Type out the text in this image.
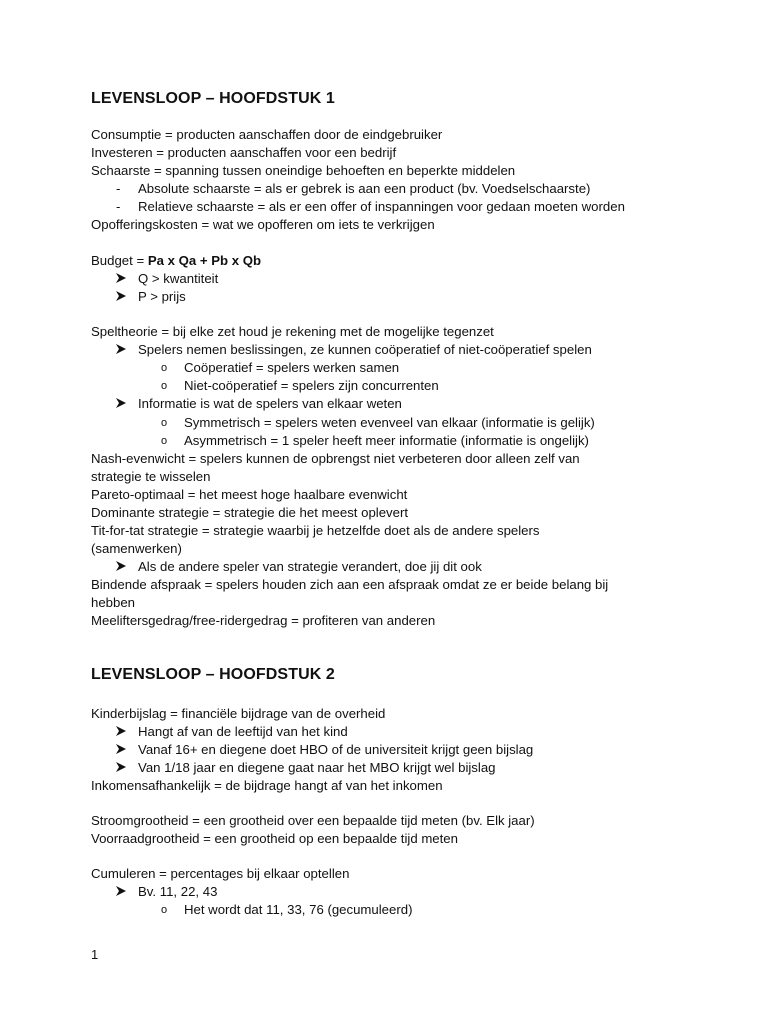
LEVENSLOOP – HOOFDSTUK 1
Consumptie = producten aanschaffen door de eindgebruiker
Investeren = producten aanschaffen voor een bedrijf
Schaarste = spanning tussen oneindige behoeften en beperkte middelen
- Absolute schaarste = als er gebrek is aan een product (bv. Voedselschaarste)
- Relatieve schaarste = als er een offer of inspanningen voor gedaan moeten worden
Opofferingskosten = wat we opofferen om iets te verkrijgen
Budget = Pa x Qa + Pb x Qb
Q > kwantiteit
P > prijs
Speltheorie = bij elke zet houd je rekening met de mogelijke tegenzet
Spelers nemen beslissingen, ze kunnen coöperatief of niet-coöperatief spelen
o Coöperatief = spelers werken samen
o Niet-coöperatief = spelers zijn concurrenten
Informatie is wat de spelers van elkaar weten
o Symmetrisch = spelers weten evenveel van elkaar (informatie is gelijk)
o Asymmetrisch = 1 speler heeft meer informatie (informatie is ongelijk)
Nash-evenwicht = spelers kunnen de opbrengst niet verbeteren door alleen zelf van
strategie te wisselen
Pareto-optimaal = het meest hoge haalbare evenwicht
Dominante strategie = strategie die het meest oplevert
Tit-for-tat strategie = strategie waarbij je hetzelfde doet als de andere spelers
(samenwerken)
Als de andere speler van strategie verandert, doe jij dit ook
Bindende afspraak = spelers houden zich aan een afspraak omdat ze er beide belang bij
hebben
Meeliftersgedrag/free-ridergedrag = profiteren van anderen
LEVENSLOOP – HOOFDSTUK 2
Kinderbijslag = financiële bijdrage van de overheid
Hangt af van de leeftijd van het kind
Vanaf 16+ en diegene doet HBO of de universiteit krijgt geen bijslag
Van 1/18 jaar en diegene gaat naar het MBO krijgt wel bijslag
Inkomensafhankelijk = de bijdrage hangt af van het inkomen
Stroomgrootheid = een grootheid over een bepaalde tijd meten (bv. Elk jaar)
Voorraadgrootheid = een grootheid op een bepaalde tijd meten
Cumuleren = percentages bij elkaar optellen
Bv. 11, 22, 43
o Het wordt dat 11, 33, 76 (gecumuleerd)
1
